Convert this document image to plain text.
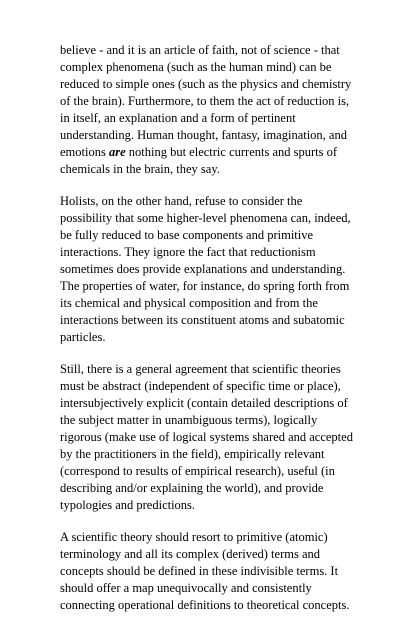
believe - and it is an article of faith, not of science - that
complex phenomena (such as the human mind) can be
reduced to simple ones (such as the physics and chemistry
of the brain). Furthermore, to them the act of reduction is,
in itself, an explanation and a form of pertinent
understanding. Human thought, fantasy, imagination, and
emotions are nothing but electric currents and spurts of
chemicals in the brain, they say.

Holists, on the other hand, refuse to consider the
possibility that some higher-level phenomena can, indeed,
be fully reduced to base components and primitive
interactions. They ignore the fact that reductionism
sometimes does provide explanations and understanding.
The properties of water, for instance, do spring forth from
its chemical and physical composition and from the
interactions between its constituent atoms and subatomic
particles.

Still, there is a general agreement that scientific theories
must be abstract (independent of specific time or place),
intersubjectively explicit (contain detailed descriptions of
the subject matter in unambiguous terms), logically
rigorous (make use of logical systems shared and accepted
by the practitioners in the field), empirically relevant
(correspond to results of empirical research), useful (in
describing and/or explaining the world), and provide
typologies and predictions.

A scientific theory should resort to primitive (atomic)
terminology and all its complex (derived) terms and
concepts should be defined in these indivisible terms. It
should offer a map unequivocally and consistently
connecting operational definitions to theoretical concepts.
